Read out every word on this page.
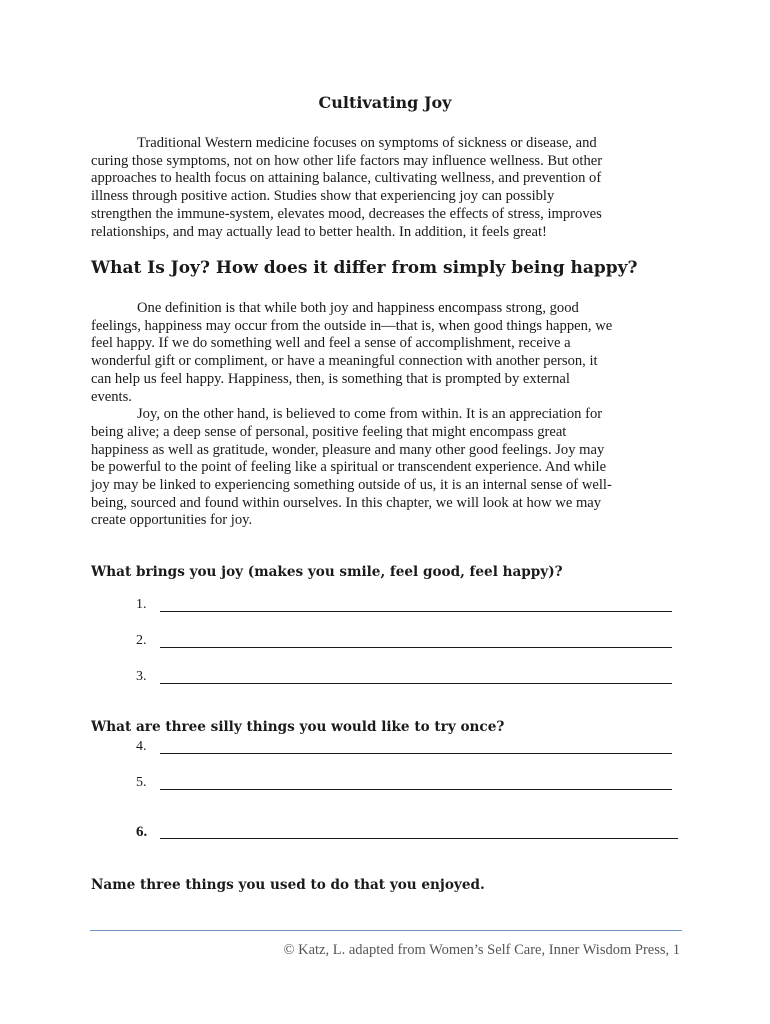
Cultivating Joy
Traditional Western medicine focuses on symptoms of sickness or disease, and
curing those symptoms, not on how other life factors may influence wellness. But other
approaches to health focus on attaining balance, cultivating wellness, and prevention of
illness through positive action. Studies show that experiencing joy can possibly
strengthen the immune-system, elevates mood, decreases the effects of stress, improves
relationships, and may actually lead to better health. In addition, it feels great!
What Is Joy? How does it differ from simply being happy?
One definition is that while both joy and happiness encompass strong, good
feelings, happiness may occur from the outside in—that is, when good things happen, we
feel happy. If we do something well and feel a sense of accomplishment, receive a
wonderful gift or compliment, or have a meaningful connection with another person, it
can help us feel happy. Happiness, then, is something that is prompted by external
events.
Joy, on the other hand, is believed to come from within. It is an appreciation for
being alive; a deep sense of personal, positive feeling that might encompass great
happiness as well as gratitude, wonder, pleasure and many other good feelings. Joy may
be powerful to the point of feeling like a spiritual or transcendent experience. And while
joy may be linked to experiencing something outside of us, it is an internal sense of well-
being, sourced and found within ourselves. In this chapter, we will look at how we may
create opportunities for joy.
What brings you joy (makes you smile, feel good, feel happy)?
1.
2.
3.
What are three silly things you would like to try once?
4.
5.
6.
Name three things you used to do that you enjoyed.
© Katz, L. adapted from Women’s Self Care, Inner Wisdom Press, 1
